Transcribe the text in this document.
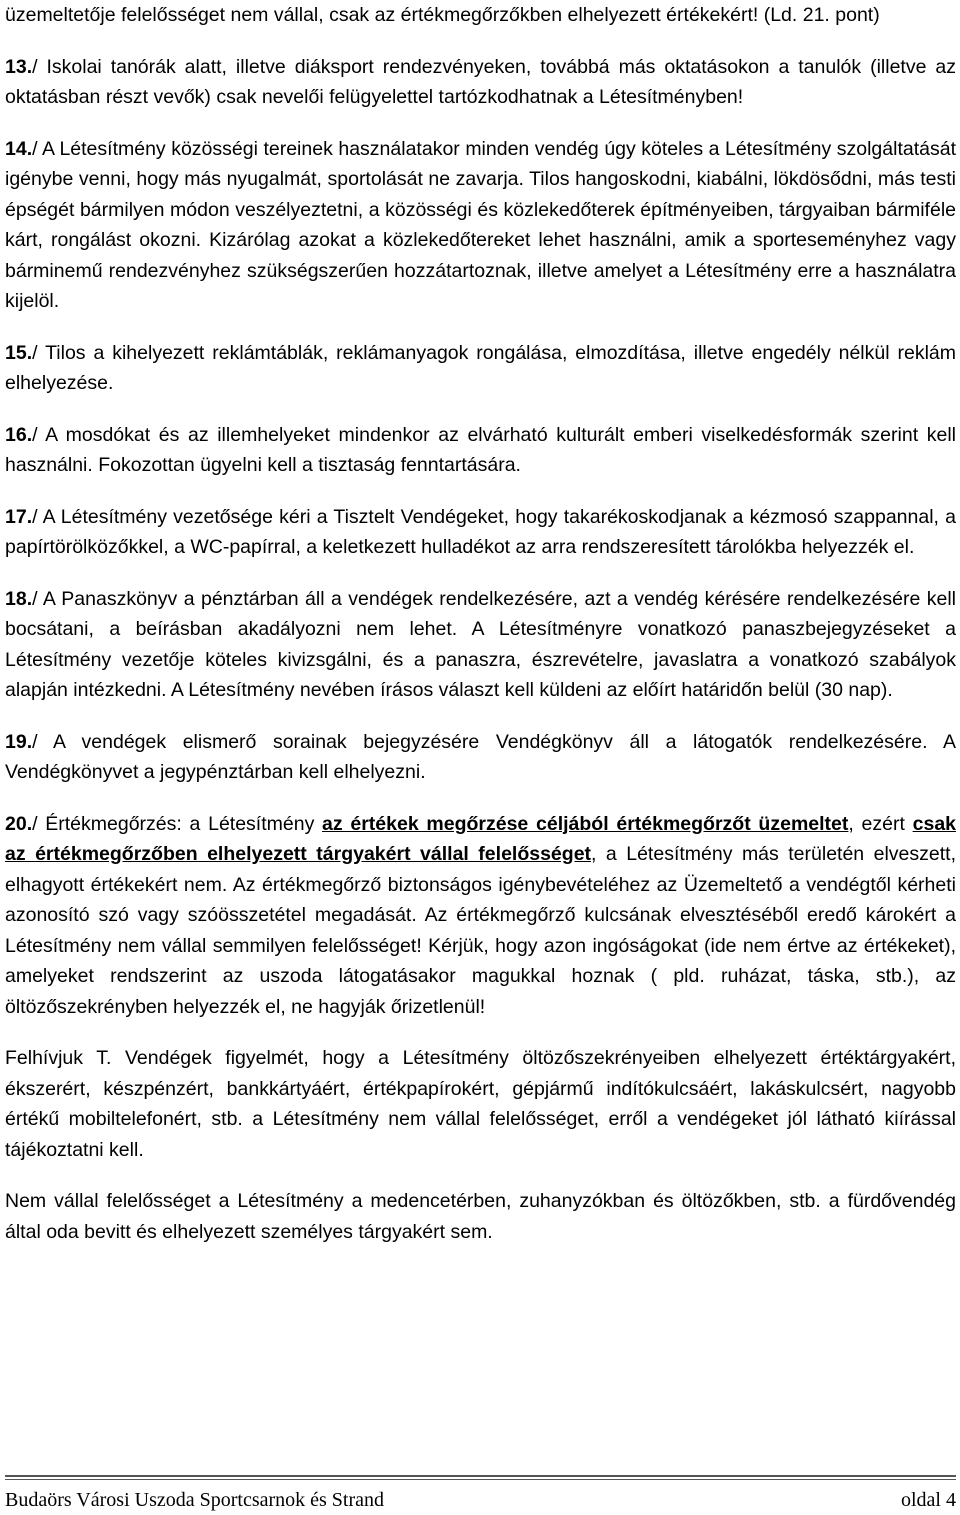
üzemeltetője felelősséget nem vállal, csak az értékmegőrzőkben elhelyezett értékekért! (Ld. 21. pont)

13./ Iskolai tanórák alatt, illetve diáksport rendezvényeken, továbbá más oktatásokon a tanulók (illetve az oktatásban részt vevők) csak nevelői felügyelettel tartózkodhatnak a Létesítményben!

14./ A Létesítmény közösségi tereinek használatakor minden vendég úgy köteles a Létesítmény szolgáltatását igénybe venni, hogy más nyugalmát, sportolását ne zavarja. Tilos hangoskodni, kiabálni, lökdösődni, más testi épségét bármilyen módon veszélyeztetni, a közösségi és közlekedőterek építményeiben, tárgyaiban bármiféle kárt, rongálást okozni. Kizárólag azokat a közlekedőtereket lehet használni, amik a sporteseményhez vagy bárminemű rendezvényhez szükségszerűen hozzátartoznak, illetve amelyet a Létesítmény erre a használatra kijelöl.

15./ Tilos a kihelyezett reklámtáblák, reklámanyagok rongálása, elmozdítása, illetve engedély nélkül reklám elhelyezése.

16./ A mosdókat és az illemhelyeket mindenkor az elvárható kulturált emberi viselkedésformák szerint kell használni. Fokozottan ügyelni kell a tisztaság fenntartására.

17./ A Létesítmény vezetősége kéri a Tisztelt Vendégeket, hogy takarékoskodjanak a kézmosó szappannal, a papírtörölközőkkel, a WC-papírral, a keletkezett hulladékot az arra rendszeresített tárolókba helyezzék el.

18./ A Panaszkönyv a pénztárban áll a vendégek rendelkezésére, azt a vendég kérésére rendelkezésére kell bocsátani, a beírásban akadályozni nem lehet. A Létesítményre vonatkozó panaszbejegyzéseket a Létesítmény vezetője köteles kivizsgálni, és a panaszra, észrevételre, javaslatra a vonatkozó szabályok alapján intézkedni. A Létesítmény nevében írásos választ kell küldeni az előírt határidőn belül (30 nap).

19./ A vendégek elismerő sorainak bejegyzésére Vendégkönyv áll a látogatók rendelkezésére. A Vendégkönyvet a jegypénztárban kell elhelyezni.

20./ Értékmegőrzés: a Létesítmény az értékek megőrzése céljából értékmegőrzőt üzemeltet, ezért csak az értékmegőrzőben elhelyezett tárgyakért vállal felelősséget, a Létesítmény más területén elveszett, elhagyott értékekért nem. Az értékmegőrző biztonságos igénybevételéhez az Üzemeltető a vendégtől kérheti azonosító szó vagy szóösszetétel megadását. Az értékmegőrző kulcsának elvesztéséből eredő károkért a Létesítmény nem vállal semmilyen felelősséget! Kérjük, hogy azon ingóságokat (ide nem értve az értékeket), amelyeket rendszerint az uszoda látogatásakor magukkal hoznak ( pld. ruházat, táska, stb.), az öltözőszekrényben helyezzék el, ne hagyják őrizetlenül!

Felhívjuk T. Vendégek figyelmét, hogy a Létesítmény öltözőszekrényeiben elhelyezett értéktárgyakért, ékszerért, készpénzért, bankkártyáért, értékpapírokért, gépjármű indítókulcsáért, lakáskulcsért, nagyobb értékű mobiltelefonért, stb. a Létesítmény nem vállal felelősséget, erről a vendégeket jól látható kiírással tájékoztatni kell.

Nem vállal felelősséget a Létesítmény a medencetérben, zuhanyzókban és öltözőkben, stb. a fürdővendég által oda bevitt és elhelyezett személyes tárgyakért sem.

Budaörs Városi Uszoda Sportcsarnok és Strand	oldal 4
